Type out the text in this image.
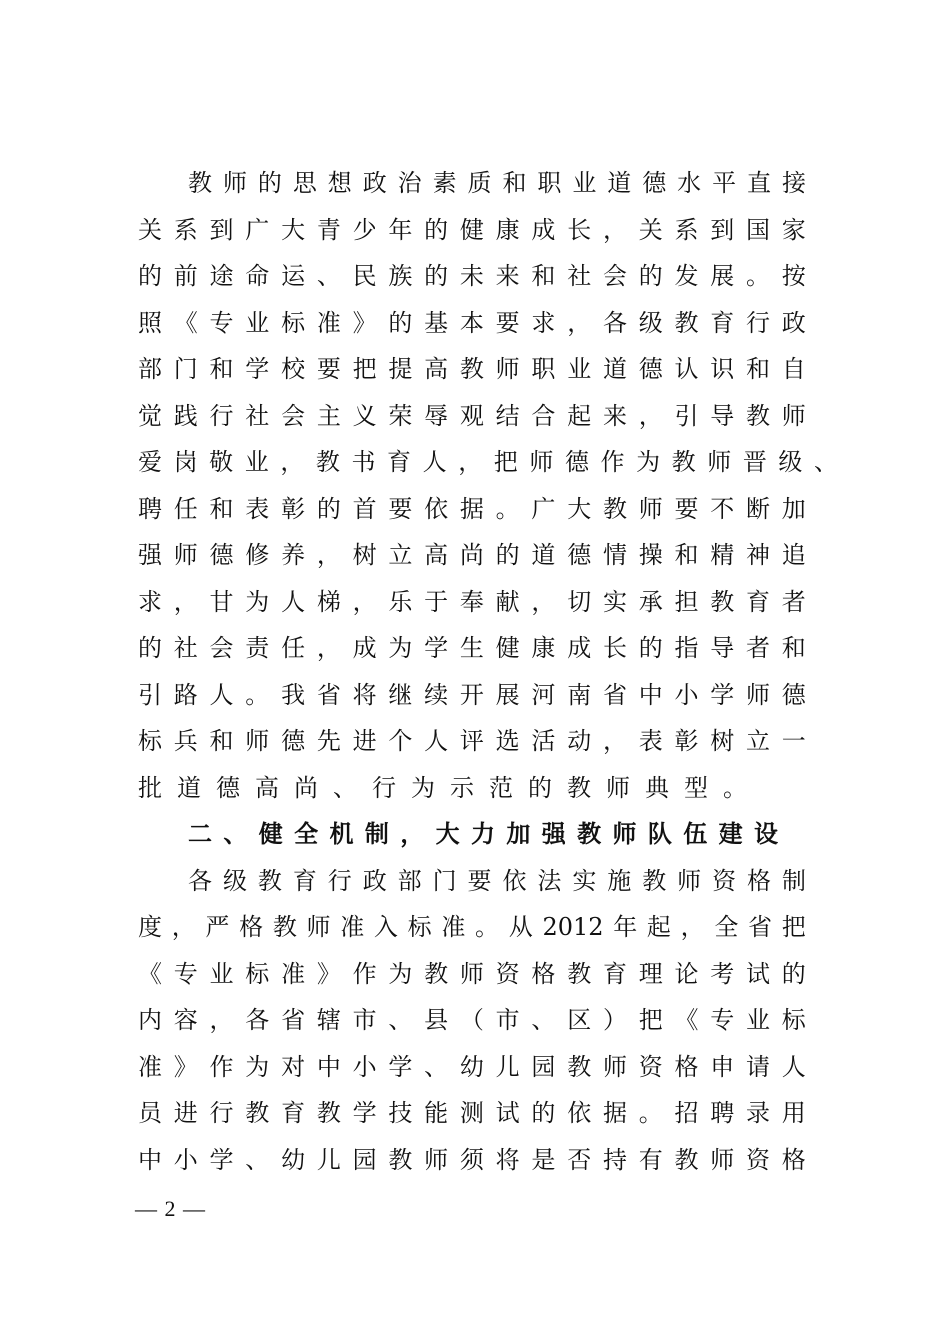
教 师 的 思 想 政 治 素 质 和 职 业 道 德 水 平 直 接
关 系 到 广 大 青 少 年 的 健 康 成 长 ， 关 系 到 国 家
的 前 途 命 运 、 民 族 的 未 来 和 社 会 的 发 展 。 按
照 《 专 业 标 准 》 的 基 本 要 求 ， 各 级 教 育 行 政
部 门 和 学 校 要 把 提 高 教 师 职 业 道 德 认 识 和 自
觉 践 行 社 会 主 义 荣 辱 观 结 合 起 来 ， 引 导 教 师
爱 岗 敬 业 ， 教 书 育 人 ， 把 师 德 作 为 教 师 晋 级 、
聘 任 和 表 彰 的 首 要 依 据 。 广 大 教 师 要 不 断 加
强 师 德 修 养 ， 树 立 高 尚 的 道 德 情 操 和 精 神 追
求 ， 甘 为 人 梯 ， 乐 于 奉 献 ， 切 实 承 担 教 育 者
的 社 会 责 任 ， 成 为 学 生 健 康 成 长 的 指 导 者 和
引 路 人 。 我 省 将 继 续 开 展 河 南 省 中 小 学 师 德
标 兵 和 师 德 先 进 个 人 评 选 活 动 ， 表 彰 树 立 一
批 道 德 高 尚 、 行 为 示 范 的 教 师 典 型 。
二 、 健 全 机 制 ， 大 力 加 强 教 师 队 伍 建 设
各 级 教 育 行 政 部 门 要 依 法 实 施 教 师 资 格 制
度 ， 严 格 教 师 准 入 标 准 。 从 2012 年 起 ， 全 省 把
《 专 业 标 准 》 作 为 教 师 资 格 教 育 理 论 考 试 的
内 容 ， 各 省 辖 市 、 县 （ 市 、 区 ） 把 《 专 业 标
准 》 作 为 对 中 小 学 、 幼 儿 园 教 师 资 格 申 请 人
员 进 行 教 育 教 学 技 能 测 试 的 依 据 。 招 聘 录 用
中 小 学 、 幼 儿 园 教 师 须 将 是 否 持 有 教 师 资 格
— 2 —
